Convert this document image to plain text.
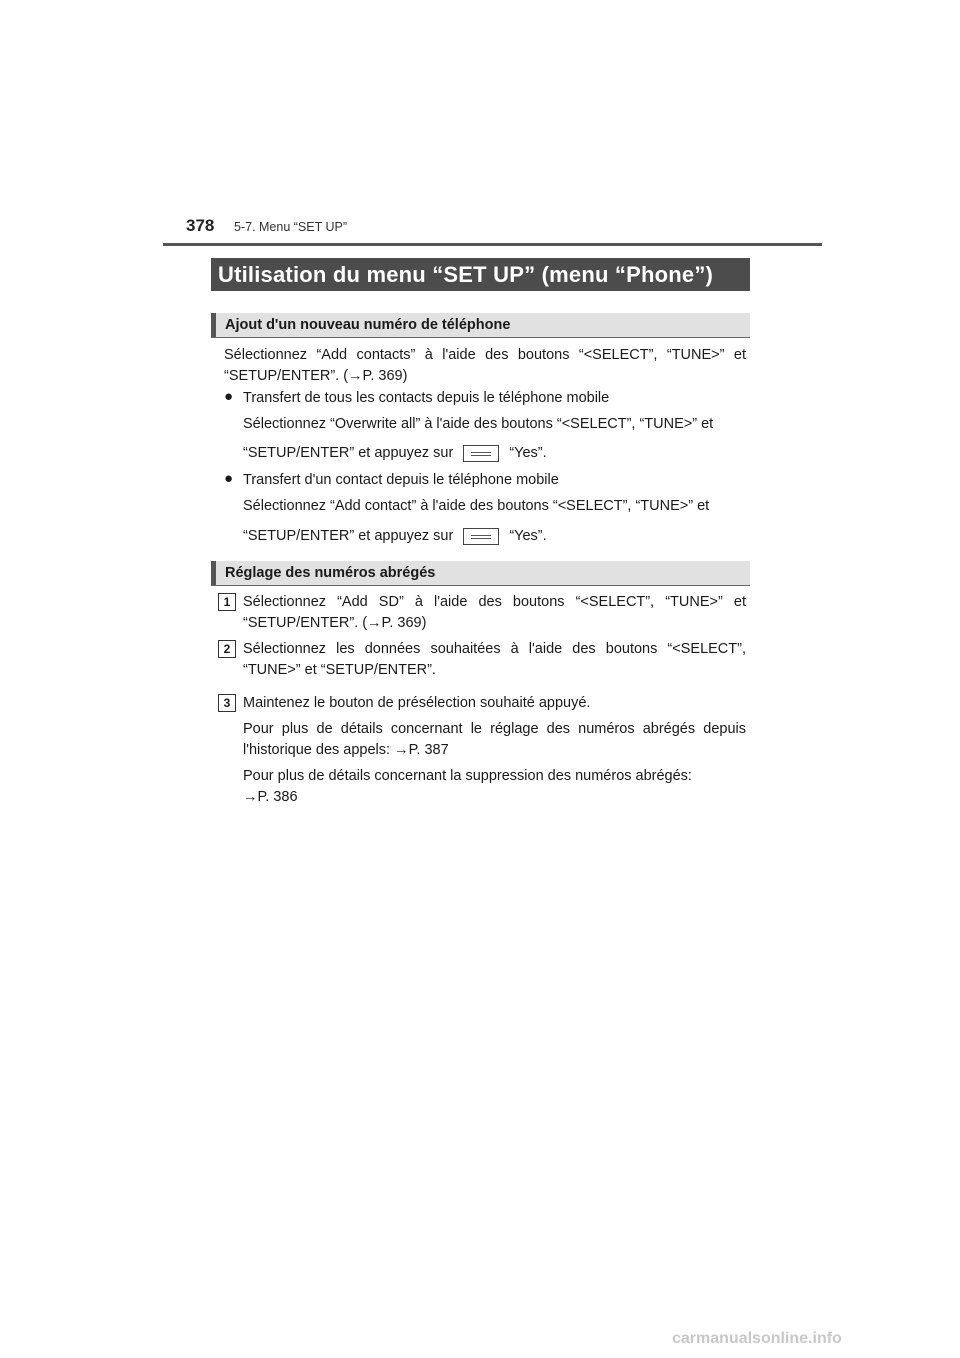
378 5-7. Menu “SET UP”
Utilisation du menu “SET UP” (menu “Phone”)
Ajout d'un nouveau numéro de téléphone

Sélectionnez “Add contacts” à l'aide des boutons “<SELECT”, “TUNE>” et “SETUP/ENTER”. (→P. 369)

● Transfert de tous les contacts depuis le téléphone mobile
Sélectionnez “Overwrite all” à l'aide des boutons “<SELECT”, “TUNE>” et
“SETUP/ENTER” et appuyez sur	“Yes”.
● Transfert d'un contact depuis le téléphone mobile
Sélectionnez “Add contact” à l'aide des boutons “<SELECT”, “TUNE>” et
“SETUP/ENTER” et appuyez sur	“Yes”.
Réglage des numéros abrégés
1 Sélectionnez “Add SD” à l'aide des boutons “<SELECT”, “TUNE>” et “SETUP/ENTER”. (→P. 369)

2 Sélectionnez les données souhaitées à l'aide des boutons “<SELECT”, “TUNE>” et “SETUP/ENTER”.

3 Maintenez le bouton de présélection souhaité appuyé.

Pour plus de détails concernant le réglage des numéros abrégés depuis l'historique des appels: →P. 387

Pour plus de détails concernant la suppression des numéros abrégés:
→P. 386
carmanualsonline.info
